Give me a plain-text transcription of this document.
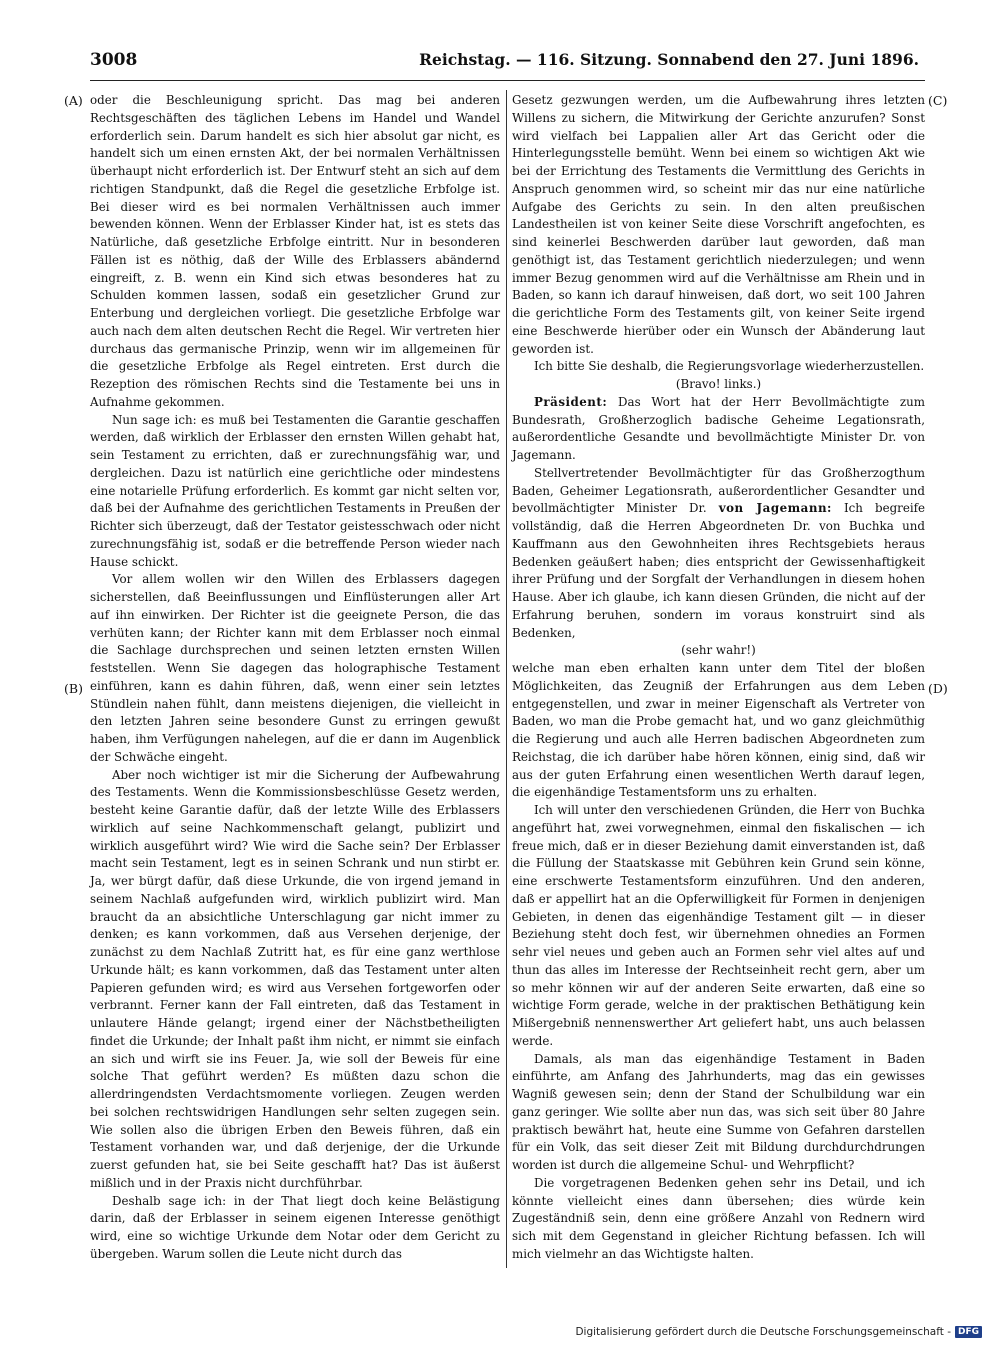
3008	Reichstag. — 116. Sitzung. Sonnabend den 27. Juni 1896.
(A)
(B)
(C)
(D)

oder die Beschleunigung spricht. Das mag bei anderen Rechtsgeschäften des täglichen Lebens im Handel und Wandel erforderlich sein. Darum handelt es sich hier absolut gar nicht, es handelt sich um einen ernsten Akt, der bei normalen Verhältnissen überhaupt nicht erforderlich ist. Der Entwurf steht an sich auf dem richtigen Standpunkt, daß die Regel die gesetzliche Erbfolge ist. Bei dieser wird es bei normalen Verhältnissen auch immer bewenden können. Wenn der Erblasser Kinder hat, ist es stets das Natürliche, daß gesetzliche Erbfolge eintritt. Nur in besonderen Fällen ist es nöthig, daß der Wille des Erblassers abändernd eingreift, z. B. wenn ein Kind sich etwas besonderes hat zu Schulden kommen lassen, sodaß ein gesetzlicher Grund zur Enterbung und dergleichen vorliegt. Die gesetzliche Erbfolge war auch nach dem alten deutschen Recht die Regel. Wir vertreten hier durchaus das germanische Prinzip, wenn wir im allgemeinen für die gesetzliche Erbfolge als Regel eintreten. Erst durch die Rezeption des römischen Rechts sind die Testamente bei uns in Aufnahme gekommen.

Nun sage ich: es muß bei Testamenten die Garantie geschaffen werden, daß wirklich der Erblasser den ernsten Willen gehabt hat, sein Testament zu errichten, daß er zurechnungsfähig war, und dergleichen. Dazu ist natürlich eine gerichtliche oder mindestens eine notarielle Prüfung erforderlich. Es kommt gar nicht selten vor, daß bei der Aufnahme des gerichtlichen Testaments in Preußen der Richter sich überzeugt, daß der Testator geistesschwach oder nicht zurechnungsfähig ist, sodaß er die betreffende Person wieder nach Hause schickt.

Vor allem wollen wir den Willen des Erblassers dagegen sicherstellen, daß Beeinflussungen und Einflüsterungen aller Art auf ihn einwirken. Der Richter ist die geeignete Person, die das verhüten kann; der Richter kann mit dem Erblasser noch einmal die Sachlage durchsprechen und seinen letzten ernsten Willen feststellen. Wenn Sie dagegen das holographische Testament einführen, kann es dahin führen, daß, wenn einer sein letztes Stündlein nahen fühlt, dann meistens diejenigen, die vielleicht in den letzten Jahren seine besondere Gunst zu erringen gewußt haben, ihm Verfügungen nahelegen, auf die er dann im Augenblick der Schwäche eingeht.

Aber noch wichtiger ist mir die Sicherung der Aufbewahrung des Testaments. Wenn die Kommissionsbeschlüsse Gesetz werden, besteht keine Garantie dafür, daß der letzte Wille des Erblassers wirklich auf seine Nachkommenschaft gelangt, publizirt und wirklich ausgeführt wird? Wie wird die Sache sein? Der Erblasser macht sein Testament, legt es in seinen Schrank und nun stirbt er. Ja, wer bürgt dafür, daß diese Urkunde, die von irgend jemand in seinem Nachlaß aufgefunden wird, wirklich publizirt wird. Man braucht da an absichtliche Unterschlagung gar nicht immer zu denken; es kann vorkommen, daß aus Versehen derjenige, der zunächst zu dem Nachlaß Zutritt hat, es für eine ganz werthlose Urkunde hält; es kann vorkommen, daß das Testament unter alten Papieren gefunden wird; es wird aus Versehen fortgeworfen oder verbrannt. Ferner kann der Fall eintreten, daß das Testament in unlautere Hände gelangt; irgend einer der Nächstbetheiligten findet die Urkunde; der Inhalt paßt ihm nicht, er nimmt sie einfach an sich und wirft sie ins Feuer. Ja, wie soll der Beweis für eine solche That geführt werden? Es müßten dazu schon die allerdringendsten Verdachtsmomente vorliegen. Zeugen werden bei solchen rechtswidrigen Handlungen sehr selten zugegen sein. Wie sollen also die übrigen Erben den Beweis führen, daß ein Testament vorhanden war, und daß derjenige, der die Urkunde zuerst gefunden hat, sie bei Seite geschafft hat? Das ist äußerst mißlich und in der Praxis nicht durchführbar.

Deshalb sage ich: in der That liegt doch keine Belästigung darin, daß der Erblasser in seinem eigenen Interesse genöthigt wird, eine so wichtige Urkunde dem Notar oder dem Gericht zu übergeben. Warum sollen die Leute nicht durch das

Gesetz gezwungen werden, um die Aufbewahrung ihres letzten Willens zu sichern, die Mitwirkung der Gerichte anzurufen? Sonst wird vielfach bei Lappalien aller Art das Gericht oder die Hinterlegungsstelle bemüht. Wenn bei einem so wichtigen Akt wie bei der Errichtung des Testaments die Vermittlung des Gerichts in Anspruch genommen wird, so scheint mir das nur eine natürliche Aufgabe des Gerichts zu sein. In den alten preußischen Landestheilen ist von keiner Seite diese Vorschrift angefochten, es sind keinerlei Beschwerden darüber laut geworden, daß man genöthigt ist, das Testament gerichtlich niederzulegen; und wenn immer Bezug genommen wird auf die Verhältnisse am Rhein und in Baden, so kann ich darauf hinweisen, daß dort, wo seit 100 Jahren die gerichtliche Form des Testaments gilt, von keiner Seite irgend eine Beschwerde hierüber oder ein Wunsch der Abänderung laut geworden ist.

Ich bitte Sie deshalb, die Regierungsvorlage wiederherzustellen.

(Bravo! links.)

Präsident: Das Wort hat der Herr Bevollmächtigte zum Bundesrath, Großherzoglich badische Geheime Legationsrath, außerordentliche Gesandte und bevollmächtigte Minister Dr. von Jagemann.

Stellvertretender Bevollmächtigter für das Großherzogthum Baden, Geheimer Legationsrath, außerordentlicher Gesandter und bevollmächtigter Minister Dr. von Jagemann: Ich begreife vollständig, daß die Herren Abgeordneten Dr. von Buchka und Kauffmann aus den Gewohnheiten ihres Rechtsgebiets heraus Bedenken geäußert haben; dies entspricht der Gewissenhaftigkeit ihrer Prüfung und der Sorgfalt der Verhandlungen in diesem hohen Hause. Aber ich glaube, ich kann diesen Gründen, die nicht auf der Erfahrung beruhen, sondern im voraus konstruirt sind als Bedenken,

(sehr wahr!)

welche man eben erhalten kann unter dem Titel der bloßen Möglichkeiten, das Zeugniß der Erfahrungen aus dem Leben entgegenstellen, und zwar in meiner Eigenschaft als Vertreter von Baden, wo man die Probe gemacht hat, und wo ganz gleichmüthig die Regierung und auch alle Herren badischen Abgeordneten zum Reichstag, die ich darüber habe hören können, einig sind, daß wir aus der guten Erfahrung einen wesentlichen Werth darauf legen, die eigenhändige Testamentsform uns zu erhalten.

Ich will unter den verschiedenen Gründen, die Herr von Buchka angeführt hat, zwei vorwegnehmen, einmal den fiskalischen — ich freue mich, daß er in dieser Beziehung damit einverstanden ist, daß die Füllung der Staatskasse mit Gebühren kein Grund sein könne, eine erschwerte Testamentsform einzuführen. Und den anderen, daß er appellirt hat an die Opferwilligkeit für Formen in denjenigen Gebieten, in denen das eigenhändige Testament gilt — in dieser Beziehung steht doch fest, wir übernehmen ohnedies an Formen sehr viel neues und geben auch an Formen sehr viel altes auf und thun das alles im Interesse der Rechtseinheit recht gern, aber um so mehr können wir auf der anderen Seite erwarten, daß eine so wichtige Form gerade, welche in der praktischen Bethätigung kein Mißergebniß nennenswerther Art geliefert habt, uns auch belassen werde.

Damals, als man das eigenhändige Testament in Baden einführte, am Anfang des Jahrhunderts, mag das ein gewisses Wagniß gewesen sein; denn der Stand der Schulbildung war ein ganz geringer. Wie sollte aber nun das, was sich seit über 80 Jahre praktisch bewährt hat, heute eine Summe von Gefahren darstellen für ein Volk, das seit dieser Zeit mit Bildung durchdurchdrungen worden ist durch die allgemeine Schul- und Wehrpflicht?

Die vorgetragenen Bedenken gehen sehr ins Detail, und ich könnte vielleicht eines dann übersehen; dies würde kein Zugeständniß sein, denn eine größere Anzahl von Rednern wird sich mit dem Gegenstand in gleicher Richtung befassen. Ich will mich vielmehr an das Wichtigste halten.

Digitalisierung gefördert durch die Deutsche Forschungsgemeinschaft - DFG
